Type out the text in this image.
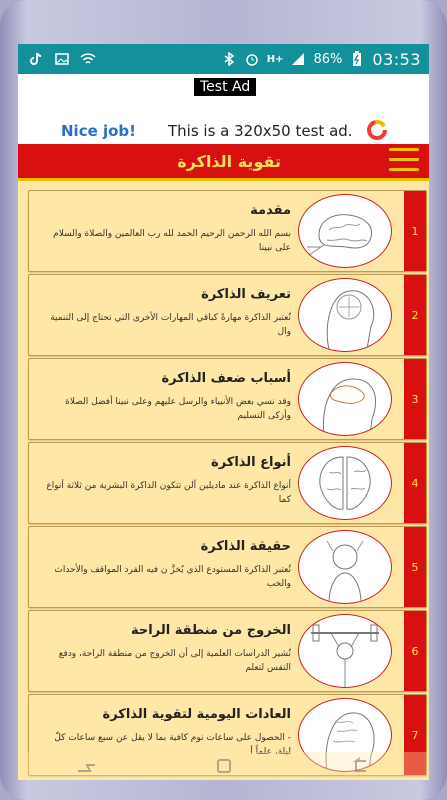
H+ 86% 03:53
Test Ad
Nice job! This is a 320x50 test ad.
تقوية الذاكرة
1
مقدمة
بسم الله الرحمن الرحيم الحمد لله رب العالمين والصلاة والسلام على نبينا
2
تعريف الذاكرة
تُعتبر الذاكرة مهارةً كباقي المهارات الأخرى التي تحتاج إلى التنمية وال
3
أسباب ضعف الذاكرة
وقد نسي بعض الأنبياء والرسل عليهم وعلى نبينا أفضل الصلاة وأزكى التسليم
4
أنواع الذاكرة
أنواع الذاكرة عند ماديلين آلن تتكون الذاكرة البشرية من ثلاثة أنواع كما
5
حقيقة الذاكرة
تُعتبر الذاكرة المستودع الذي يُخزَّ ن فيه الفرد المواقف والأحداث والخب
6
الخروج من منطقة الراحة
تُشير الدراسات العلمية إلى أن الخروج من منطقة الراحة، ودفع النفس لتعلم
7
العادات اليومية لتقوية الذاكرة
- الحصول على ساعات نوم كافية بما لا يقل عن سبع ساعات كلّ ليلة، علماً أ
